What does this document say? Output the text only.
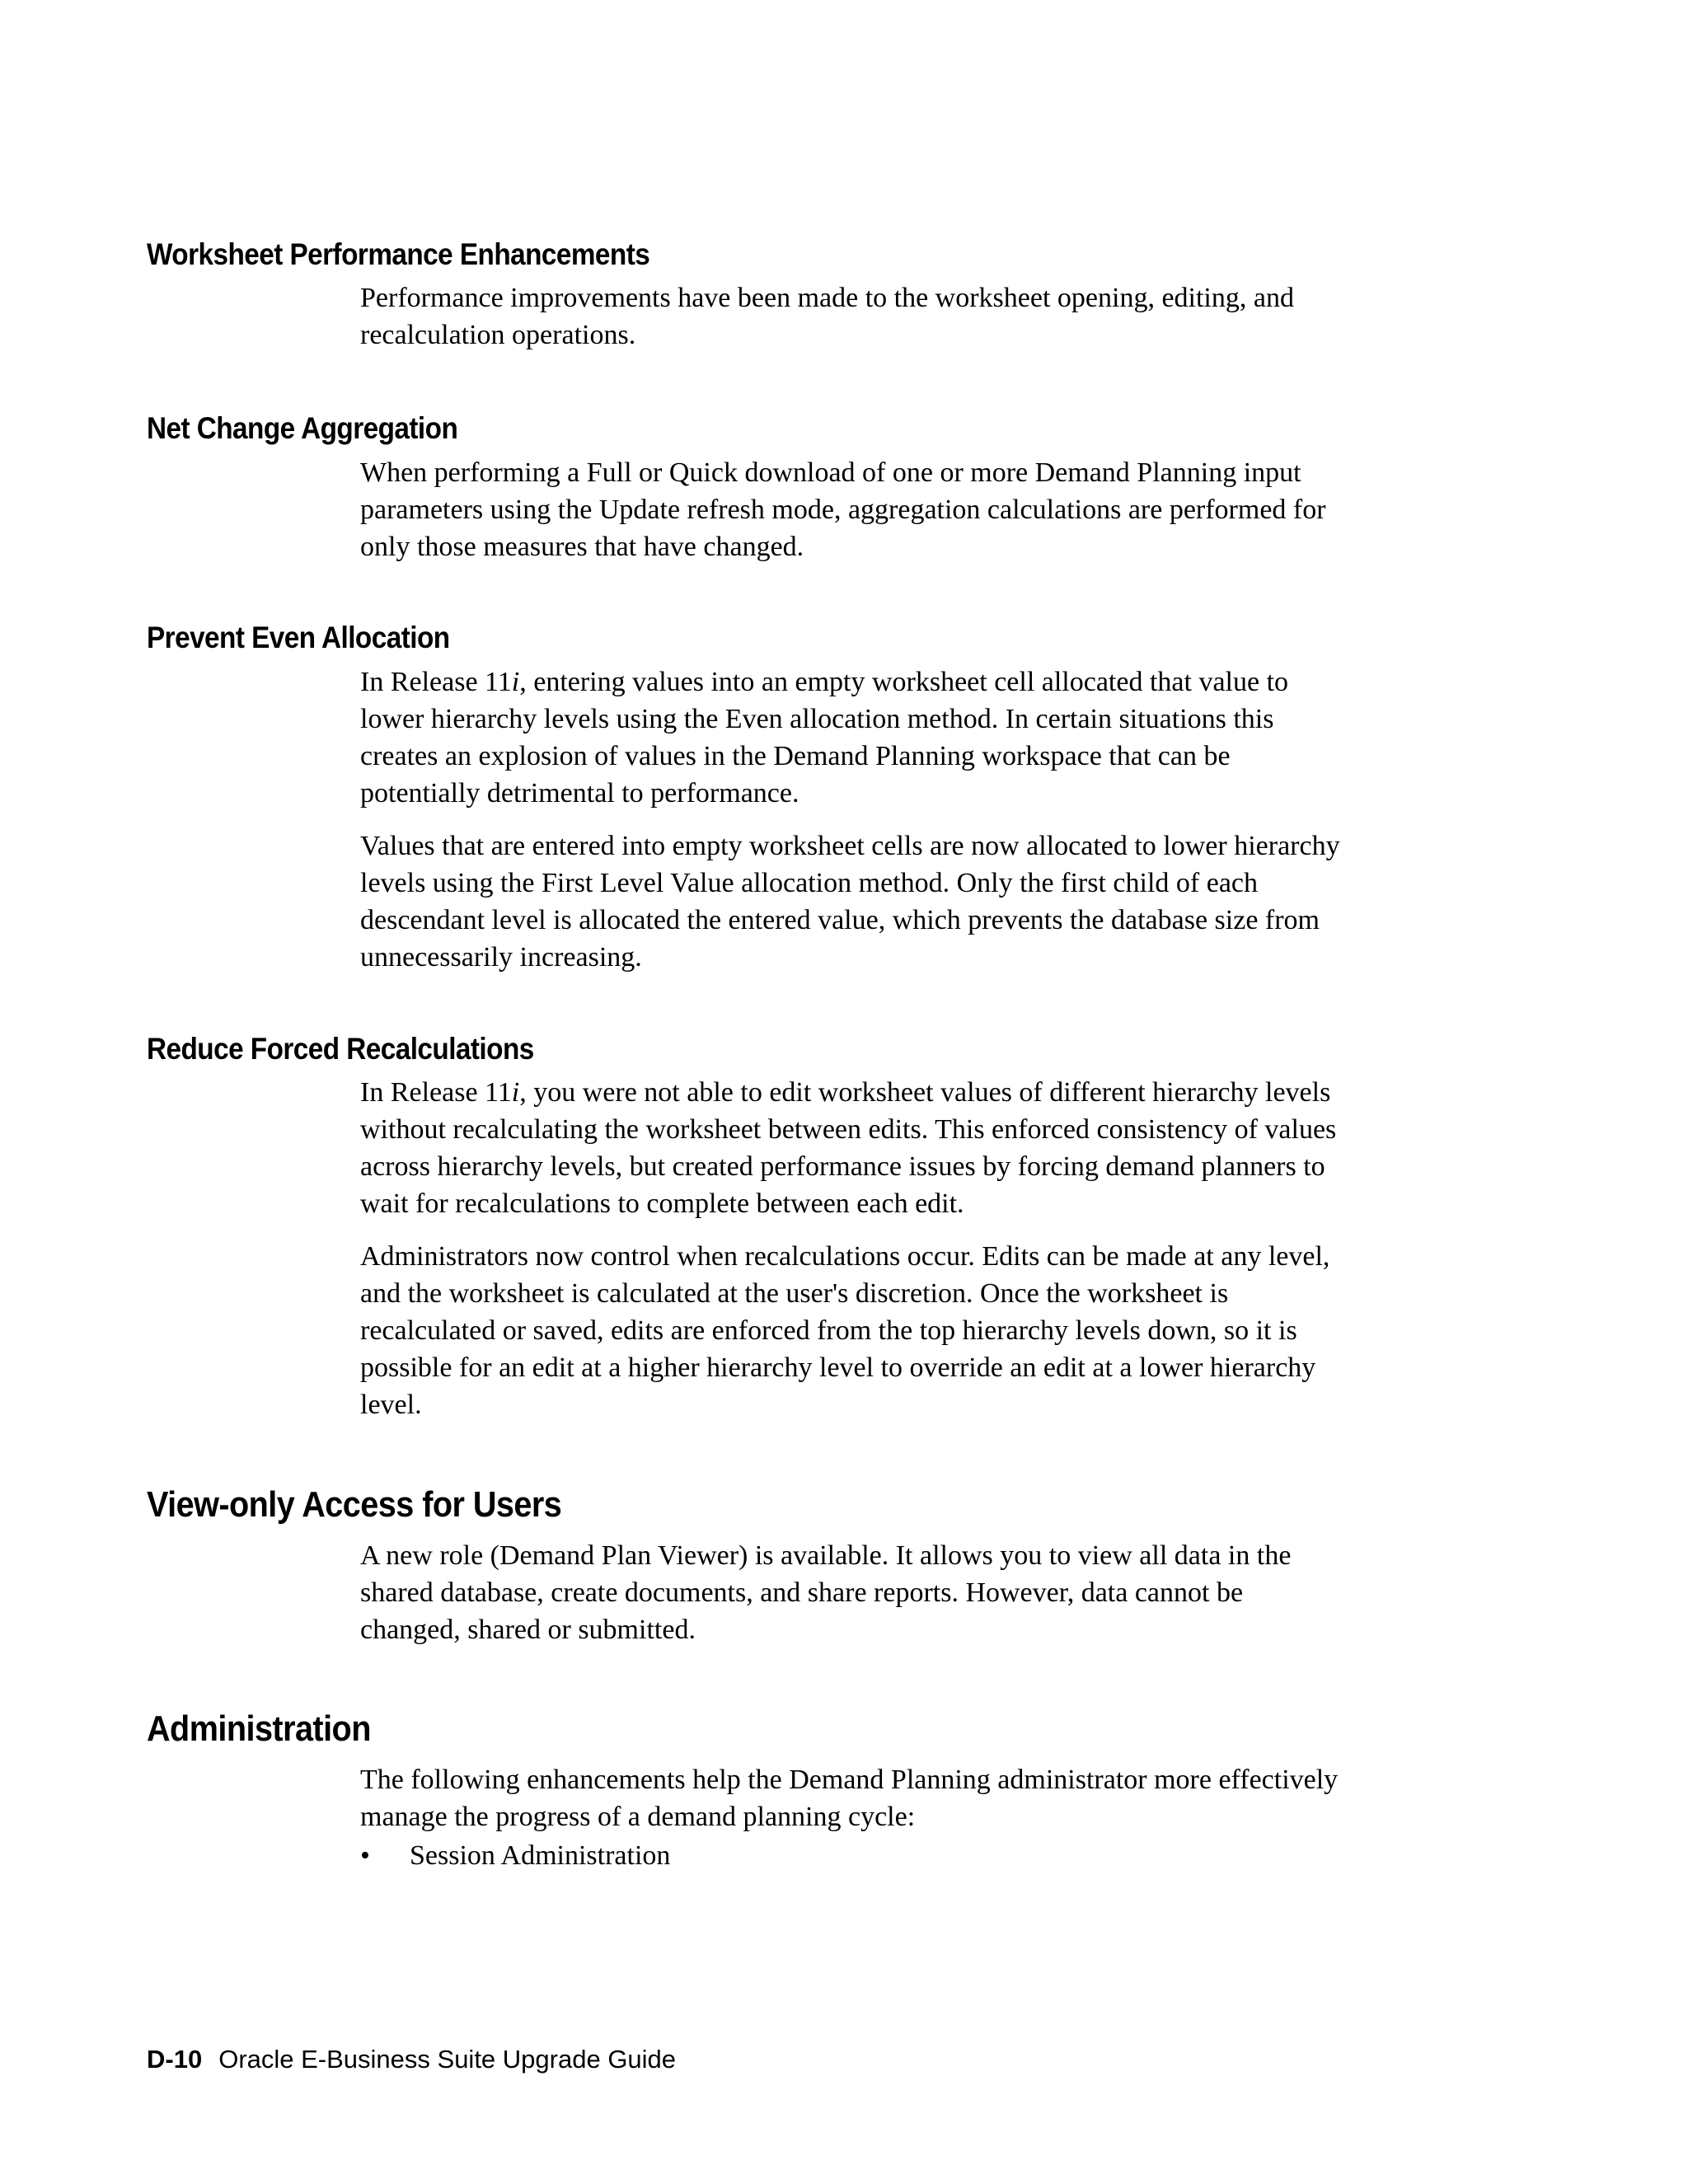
Worksheet Performance Enhancements

Performance improvements have been made to the worksheet opening, editing, and
recalculation operations.

Net Change Aggregation

When performing a Full or Quick download of one or more Demand Planning input
parameters using the Update refresh mode, aggregation calculations are performed for
only those measures that have changed.

Prevent Even Allocation

In Release 11i, entering values into an empty worksheet cell allocated that value to
lower hierarchy levels using the Even allocation method. In certain situations this
creates an explosion of values in the Demand Planning workspace that can be
potentially detrimental to performance.

Values that are entered into empty worksheet cells are now allocated to lower hierarchy
levels using the First Level Value allocation method. Only the first child of each
descendant level is allocated the entered value, which prevents the database size from
unnecessarily increasing.

Reduce Forced Recalculations

In Release 11i, you were not able to edit worksheet values of different hierarchy levels
without recalculating the worksheet between edits. This enforced consistency of values
across hierarchy levels, but created performance issues by forcing demand planners to
wait for recalculations to complete between each edit.

Administrators now control when recalculations occur. Edits can be made at any level,
and the worksheet is calculated at the user's discretion. Once the worksheet is
recalculated or saved, edits are enforced from the top hierarchy levels down, so it is
possible for an edit at a higher hierarchy level to override an edit at a lower hierarchy
level.

View-only Access for Users

A new role (Demand Plan Viewer) is available. It allows you to view all data in the
shared database, create documents, and share reports. However, data cannot be
changed, shared or submitted.

Administration

The following enhancements help the Demand Planning administrator more effectively
manage the progress of a demand planning cycle:

• Session Administration
D-10 Oracle E-Business Suite Upgrade Guide
